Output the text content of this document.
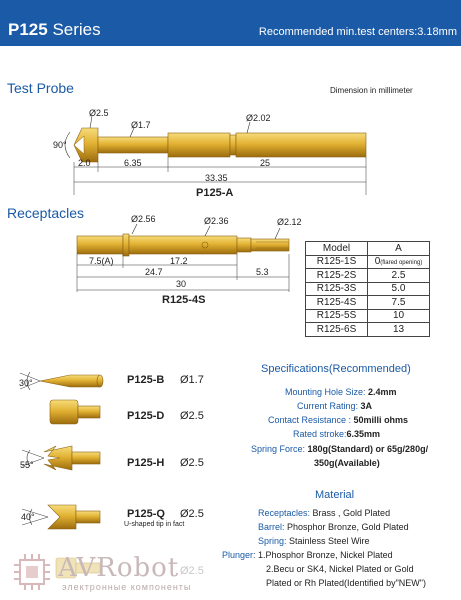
P125 Series	Recommended min.test centers:3.18mm
Test Probe	Dimension in millimeter
Ø2.5
Ø1.7
Ø2.02
90°
2.0	6.35	25
33.35
P125-A
Receptacles	Ø2.56	Ø2.36	Ø2.12
7.5(A)	17.2
24.7	5.3
30
R125-4S
Model	A
R125-1S	0(flared opening)
R125-2S	2.5
R125-3S	5.0
R125-4S	7.5
R125-5S	10
R125-6S	13
P125-B Ø1.7
30°
P125-D Ø2.5
P125-H Ø2.5
55°
P125-Q Ø2.5
40°
U-shaped tip in fact
Ø2.5
Specifications(Recommended)
Mounting Hole Size: 2.4mm
Current Rating: 3A
Contact Resistance : 50milli ohms
Rated stroke:6.35mm
Spring Force: 180g(Standard) or 65g/280g/
350g(Available)
Material
Receptacles: Brass , Gold Plated
Barrel: Phosphor Bronze, Gold Plated
Spring: Stainless Steel Wire
Plunger: 1.Phosphor Bronze, Nickel Plated
2.Becu or SK4, Nickel Plated or Gold
Plated or Rh Plated(Identified by"NEW")
AVRobot
электронные компоненты
